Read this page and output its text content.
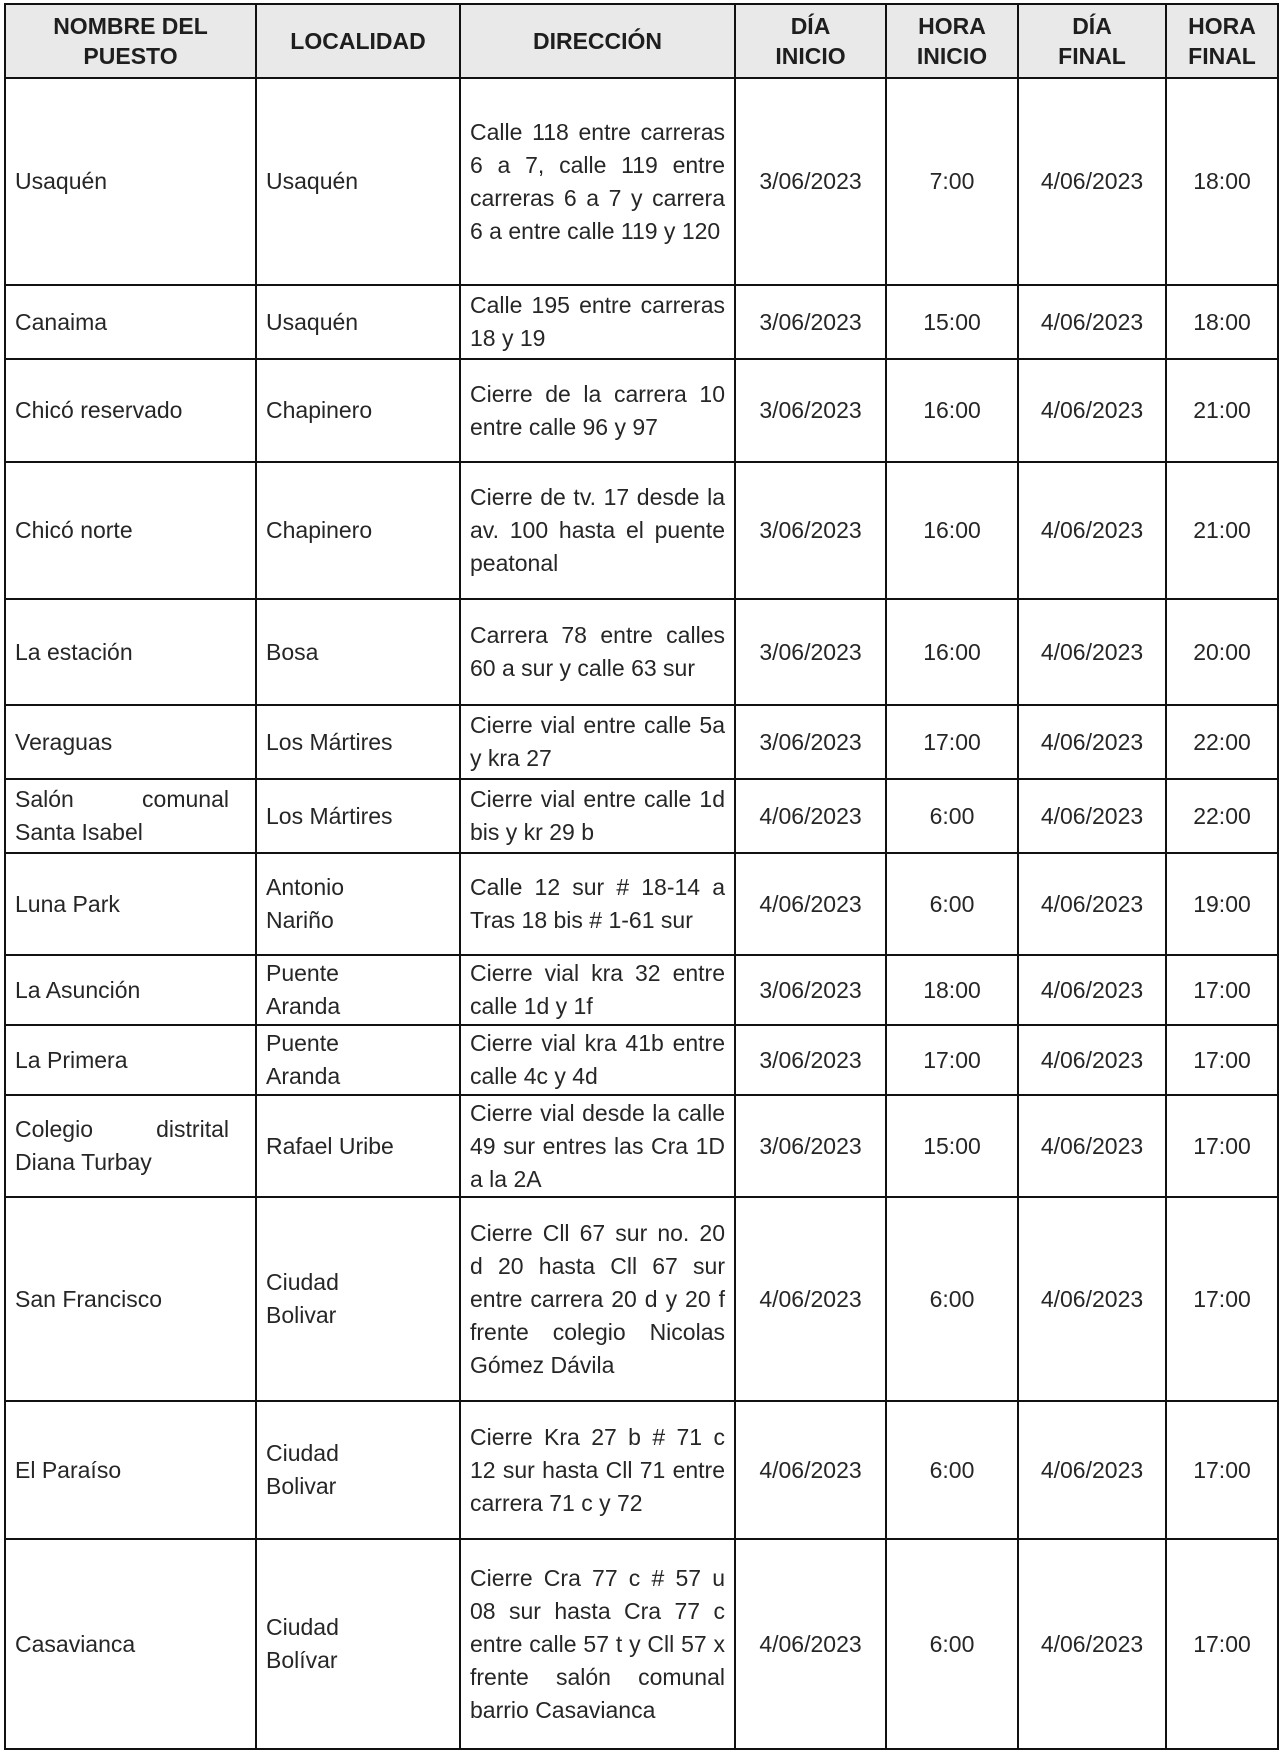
NOMBRE DEL PUESTO	LOCALIDAD	DIRECCIÓN	DÍA INICIO	HORA INICIO	DÍA FINAL	HORA FINAL

Usaquén	Usaquén	Calle 118 entre carreras 6 a 7, calle 119 entre carreras 6 a 7 y carrera 6 a entre calle 119 y 120	3/06/2023	7:00	4/06/2023	18:00

Canaima	Usaquén	Calle 195 entre carreras 18 y 19	3/06/2023	15:00	4/06/2023	18:00

Chicó reservado	Chapinero	Cierre de la carrera 10 entre calle 96 y 97	3/06/2023	16:00	4/06/2023	21:00

Chicó norte	Chapinero	Cierre de tv. 17 desde la av. 100 hasta el puente peatonal	3/06/2023	16:00	4/06/2023	21:00

La estación	Bosa	Carrera 78 entre calles 60 a sur y calle 63 sur	3/06/2023	16:00	4/06/2023	20:00

Veraguas	Los Mártires	Cierre vial entre calle 5a y kra 27	3/06/2023	17:00	4/06/2023	22:00

Salón comunal Santa Isabel	Los Mártires	Cierre vial entre calle 1d bis y kr 29 b	4/06/2023	6:00	4/06/2023	22:00

Luna Park	Antonio Nariño	Calle 12 sur # 18-14 a Tras 18 bis # 1-61 sur	4/06/2023	6:00	4/06/2023	19:00

La Asunción	Puente Aranda	Cierre vial kra 32 entre calle 1d y 1f	3/06/2023	18:00	4/06/2023	17:00

La Primera	Puente Aranda	Cierre vial kra 41b entre calle 4c y 4d	3/06/2023	17:00	4/06/2023	17:00

Colegio distrital Diana Turbay	Rafael Uribe	Cierre vial desde la calle 49 sur entres las Cra 1D a la 2A	3/06/2023	15:00	4/06/2023	17:00

San Francisco	Ciudad Bolivar	Cierre Cll 67 sur no. 20 d 20 hasta Cll 67 sur entre carrera 20 d y 20 f frente colegio Nicolas Gómez Dávila	4/06/2023	6:00	4/06/2023	17:00

El Paraíso	Ciudad Bolivar	Cierre Kra 27 b # 71 c 12 sur hasta Cll 71 entre carrera 71 c y 72	4/06/2023	6:00	4/06/2023	17:00

Casavianca	Ciudad Bolívar	Cierre Cra 77 c # 57 u 08 sur hasta Cra 77 c entre calle 57 t y Cll 57 x frente salón comunal barrio Casavianca	4/06/2023	6:00	4/06/2023	17:00
